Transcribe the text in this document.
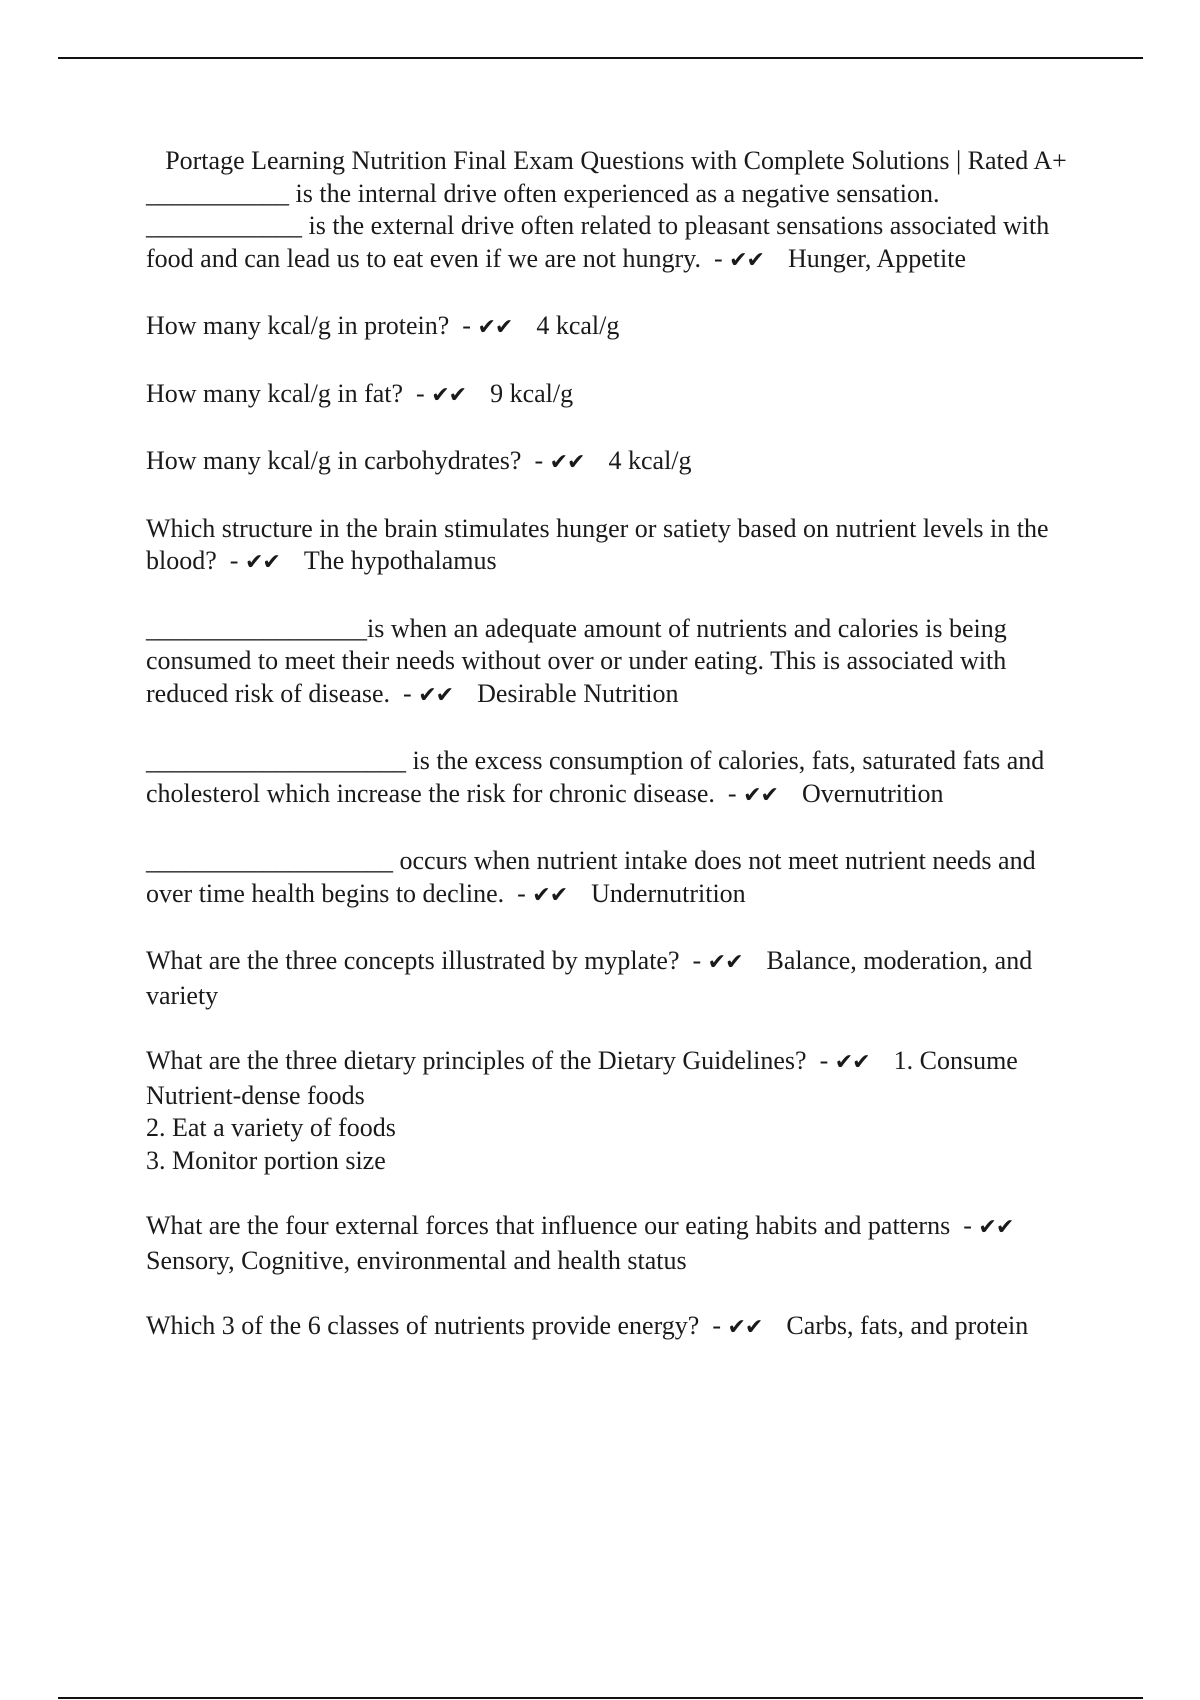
Portage Learning Nutrition Final Exam Questions with Complete Solutions | Rated A+

___________ is the internal drive often experienced as a negative sensation.
____________ is the external drive often related to pleasant sensations associated with food and can lead us to eat even if we are not hungry.  - ✔✔ Hunger, Appetite

How many kcal/g in protein?  - ✔✔ 4 kcal/g

How many kcal/g in fat?  - ✔✔ 9 kcal/g

How many kcal/g in carbohydrates?  - ✔✔ 4 kcal/g

Which structure in the brain stimulates hunger or satiety based on nutrient levels in the blood?  - ✔✔ The hypothalamus

_________________is when an adequate amount of nutrients and calories is being consumed to meet their needs without over or under eating. This is associated with reduced risk of disease.  - ✔✔ Desirable Nutrition

____________________ is the excess consumption of calories, fats, saturated fats and cholesterol which increase the risk for chronic disease.  - ✔✔ Overnutrition

___________________ occurs when nutrient intake does not meet nutrient needs and over time health begins to decline.  - ✔✔ Undernutrition

What are the three concepts illustrated by myplate?  - ✔✔ Balance, moderation, and variety

What are the three dietary principles of the Dietary Guidelines?  - ✔✔ 1. Consume Nutrient-dense foods
2. Eat a variety of foods
3. Monitor portion size

What are the four external forces that influence our eating habits and patterns  - ✔✔Sensory, Cognitive, environmental and health status

Which 3 of the 6 classes of nutrients provide energy?  - ✔✔ Carbs, fats, and protein
